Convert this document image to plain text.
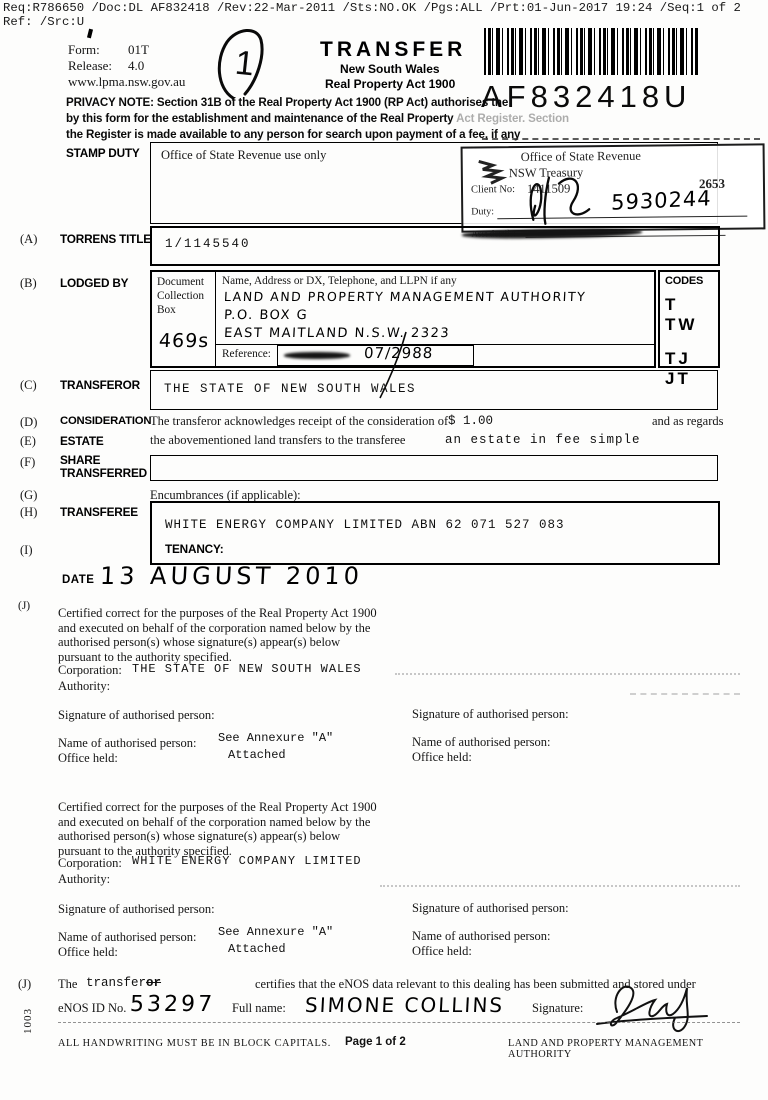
Req:R786650 /Doc:DL AF832418 /Rev:22-Mar-2011 /Sts:NO.OK /Pgs:ALL /Prt:01-Jun-2017 19:24 /Seq:1 of 2
Ref: /Src:U
Form: 01T
Release: 4.0
www.lpma.nsw.gov.au 1	TRANSFER
New South Wales
Real Property Act 1900 AF832418U
PRIVACY NOTE: Section 31B of the Real Property Act 1900 (RP Act) authorises the
by this form for the establishment and maintenance of the Real Property Act Register. Section
the Register is made available to any person for search upon payment of a fee, if any
STAMP DUTY Office of State Revenue use only	Office of State Revenue
NSW Treasury
Client No: 1411509	2653
Duty:	5930244
(A) TORRENS TITLE 1/1145540
(B) LODGED BY	Document
Collection
Box
469s
Name, Address or DX, Telephone, and LLPN if any
LAND AND PROPERTY MANAGEMENT AUTHORITY
P.O. BOX G
EAST MAITLAND N.S.W. 2323
Reference:	07/2988
CODES
T TW
TJ JT
(C) TRANSFEROR THE STATE OF NEW SOUTH WALES
(D) CONSIDERATION
The transferor acknowledges receipt of the consideration of $ 1.00	and as regards
(E) ESTATE	the abovementioned land transfers to the transferee	an estate in fee simple
(F) SHARE
TRANSFERRED
(G)	Encumbrances (if applicable):
(H) TRANSFEREE
WHITE ENERGY COMPANY LIMITED ABN 62 071 527 083
TENANCY:
(I)
DATE 13 AUGUST 2010
(J) Certified correct for the purposes of the Real Property Act 1900
and executed on behalf of the corporation named below by the
authorised person(s) whose signature(s) appear(s) below
pursuant to the authority specified.
Corporation: THE STATE OF NEW SOUTH WALES
Authority:
Signature of authorised person:	Signature of authorised person:
Name of authorised person: See Annexure "A"	Name of authorised person:
Office held:	Attached	Office held:
Certified correct for the purposes of the Real Property Act 1900
and executed on behalf of the corporation named below by the
authorised person(s) whose signature(s) appear(s) below
pursuant to the authority specified.
Corporation: WHITE ENERGY COMPANY LIMITED
Authority:
Signature of authorised person:	Signature of authorised person:
Name of authorised person: See Annexure "A"	Name of authorised person:
Office held:	Attached	Office held:
(J) The transferor	certifies that the eNOS data relevant to this dealing has been submitted and stored under
eNOS ID No. 53297 Full name: SIMONE COLLINS Signature:
1003
ALL HANDWRITING MUST BE IN BLOCK CAPITALS. Page 1 of 2	LAND AND PROPERTY MANAGEMENT AUTHORITY
